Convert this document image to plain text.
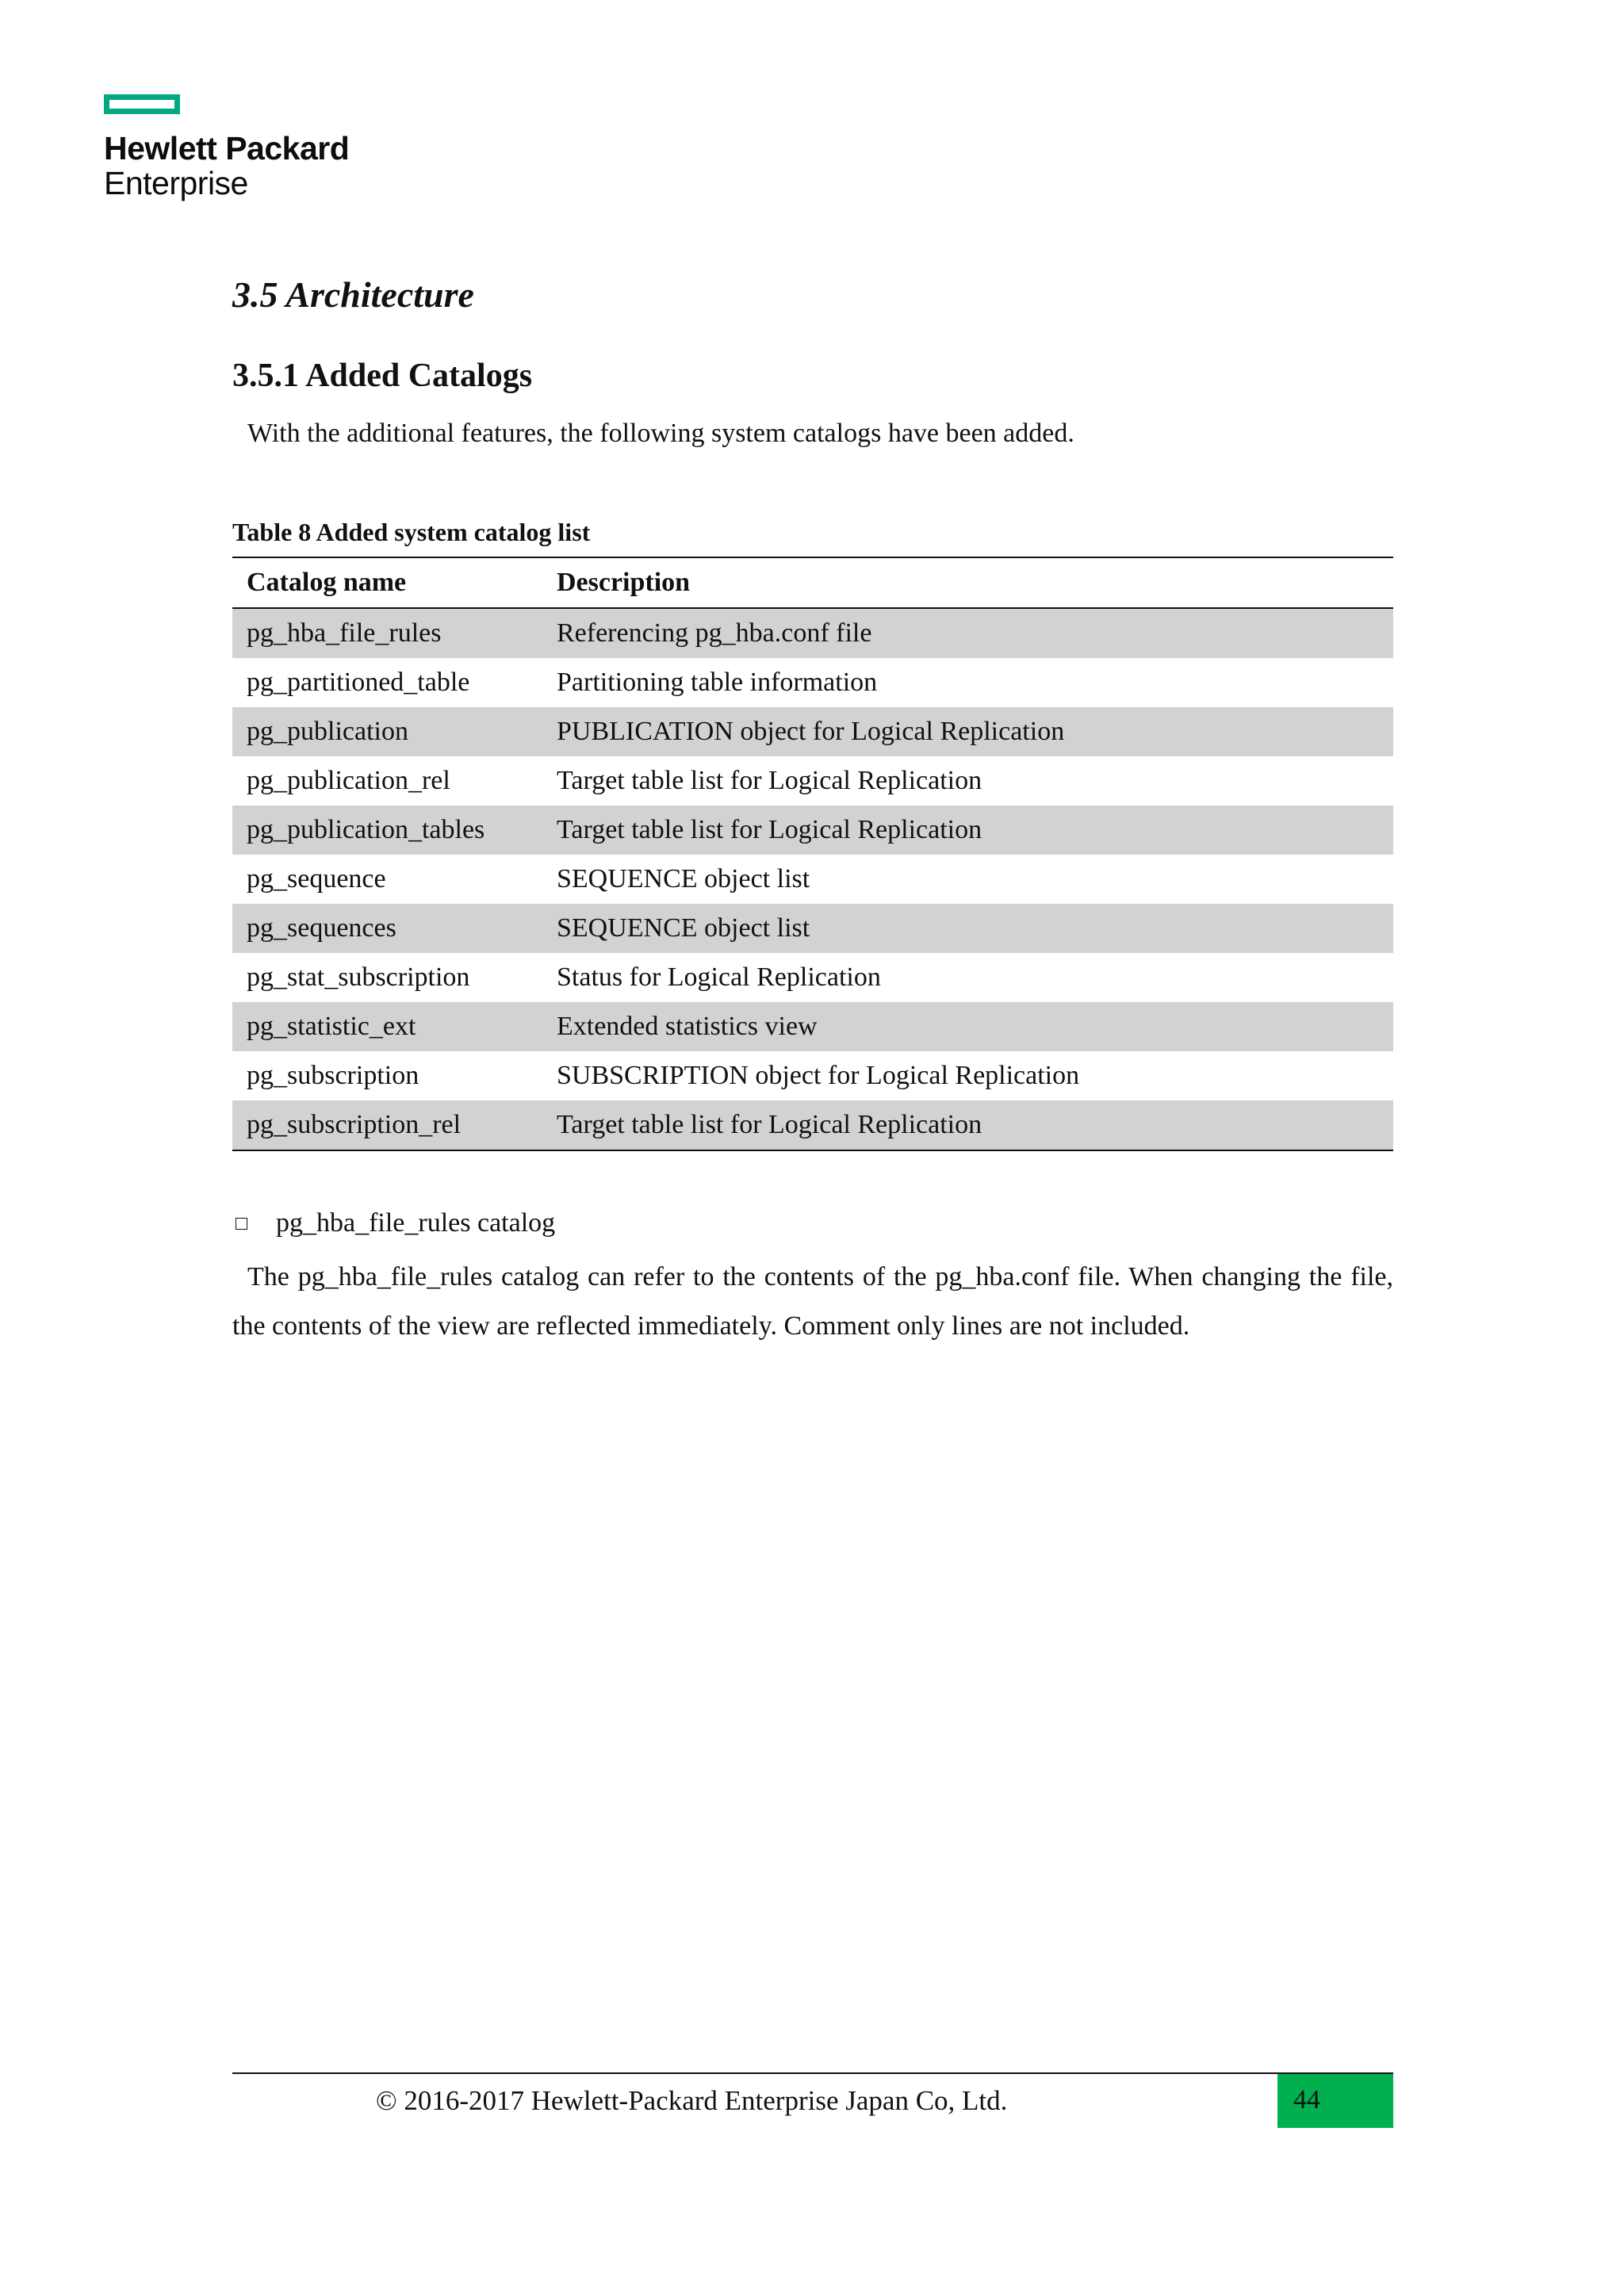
Hewlett Packard
Enterprise
3.5 Architecture
3.5.1 Added Catalogs
With the additional features, the following system catalogs have been added.
Table 8 Added system catalog list
Catalog name	Description
pg_hba_file_rules	Referencing pg_hba.conf file
pg_partitioned_table	Partitioning table information
pg_publication	PUBLICATION object for Logical Replication
pg_publication_rel	Target table list for Logical Replication
pg_publication_tables	Target table list for Logical Replication
pg_sequence	SEQUENCE object list
pg_sequences	SEQUENCE object list
pg_stat_subscription	Status for Logical Replication
pg_statistic_ext	Extended statistics view
pg_subscription	SUBSCRIPTION object for Logical Replication
pg_subscription_rel	Target table list for Logical Replication
pg_hba_file_rules catalog
The pg_hba_file_rules catalog can refer to the contents of the pg_hba.conf file. When changing the file, the contents of the view are reflected immediately. Comment only lines are not included.
© 2016-2017 Hewlett-Packard Enterprise Japan Co, Ltd.	44
